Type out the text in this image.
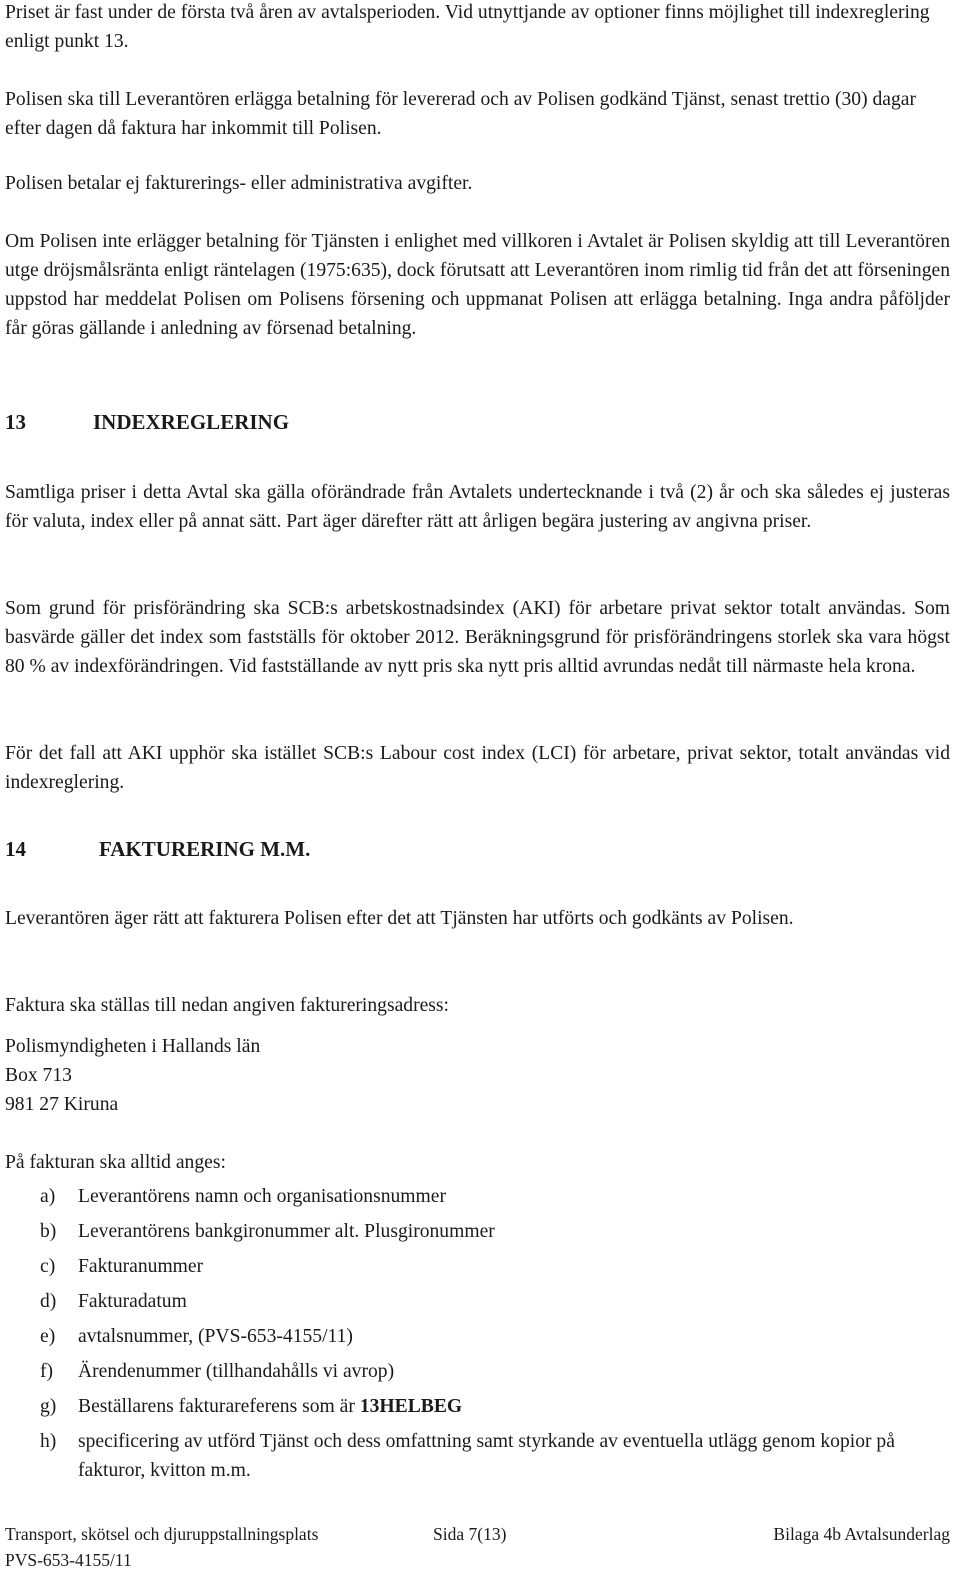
Priset är fast under de första två åren av avtalsperioden. Vid utnyttjande av optioner finns möjlighet till indexreglering enligt punkt 13.
Polisen ska till Leverantören erlägga betalning för levererad och av Polisen godkänd Tjänst, senast trettio (30) dagar efter dagen då faktura har inkommit till Polisen.
Polisen betalar ej fakturerings- eller administrativa avgifter.
Om Polisen inte erlägger betalning för Tjänsten i enlighet med villkoren i Avtalet är Polisen skyldig att till Leverantören utge dröjsmålsränta enligt räntelagen (1975:635), dock förutsatt att Leverantören inom rimlig tid från det att förseningen uppstod har meddelat Polisen om Polisens försening och uppmanat Polisen att erlägga betalning. Inga andra påföljder får göras gällande i anledning av försenad betalning.
13	INDEXREGLERING
Samtliga priser i detta Avtal ska gälla oförändrade från Avtalets undertecknande i två (2) år och ska således ej justeras för valuta, index eller på annat sätt. Part äger därefter rätt att årligen begära justering av angivna priser.
Som grund för prisförändring ska SCB:s arbetskostnadsindex (AKI) för arbetare privat sektor totalt användas. Som basvärde gäller det index som fastställs för oktober 2012. Beräkningsgrund för prisförändringens storlek ska vara högst 80 % av indexförändringen. Vid fastställande av nytt pris ska nytt pris alltid avrundas nedåt till närmaste hela krona.
För det fall att AKI upphör ska istället SCB:s Labour cost index (LCI) för arbetare, privat sektor, totalt användas vid indexreglering.
14	FAKTURERING M.M.
Leverantören äger rätt att fakturera Polisen efter det att Tjänsten har utförts och godkänts av Polisen.
Faktura ska ställas till nedan angiven faktureringsadress:
Polismyndigheten i Hallands län
Box 713
981 27 Kiruna
På fakturan ska alltid anges:
a) Leverantörens namn och organisationsnummer
b) Leverantörens bankgironummer alt. Plusgironummer
c) Fakturanummer
d) Fakturadatum
e) avtalsnummer, (PVS-653-4155/11)
f) Ärendenummer (tillhandahålls vi avrop)
g) Beställarens fakturareferens som är 13HELBEG
h) specificering av utförd Tjänst och dess omfattning samt styrkande av eventuella utlägg genom kopior på fakturor, kvitton m.m.
Transport, skötsel och djuruppstallningsplats	Sida 7(13)	Bilaga 4b Avtalsunderlag
PVS-653-4155/11
